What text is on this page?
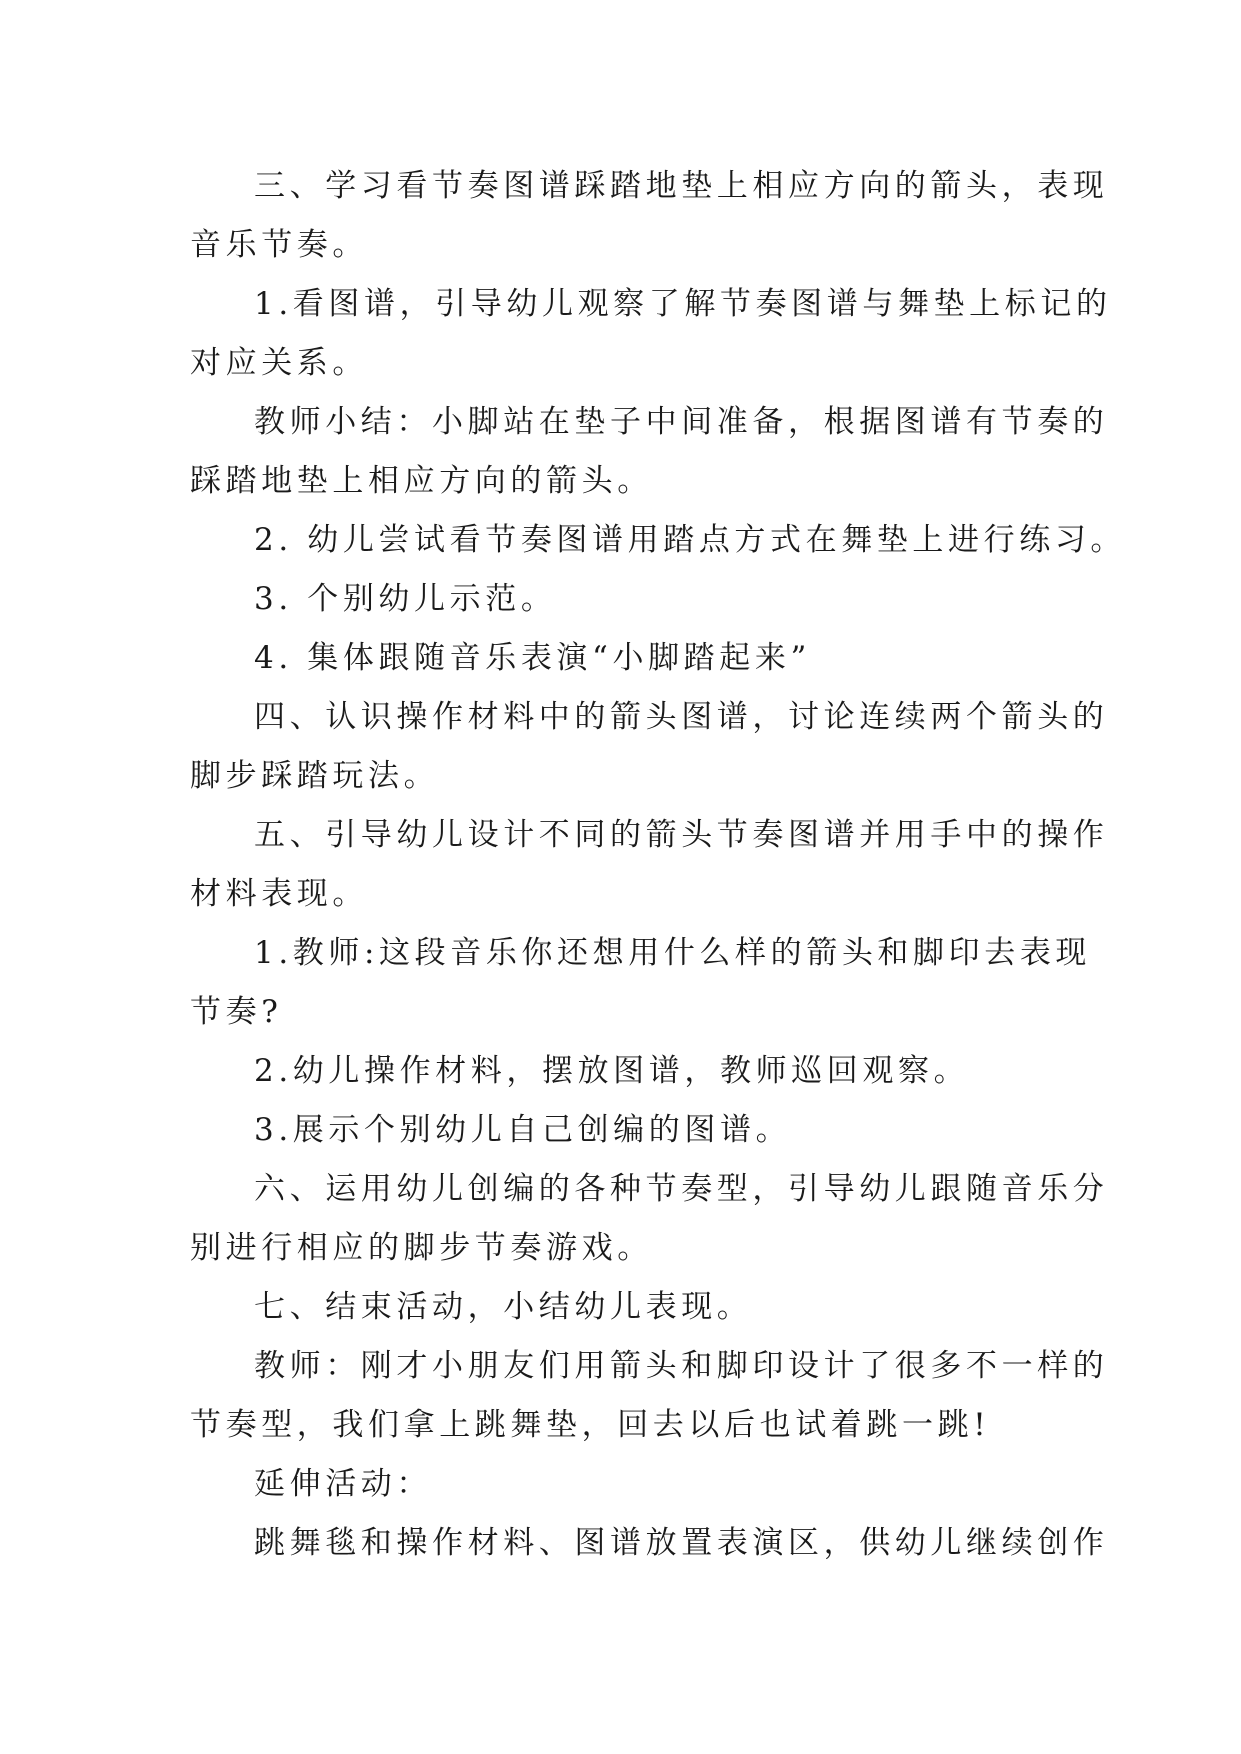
三、学习看节奏图谱踩踏地垫上相应方向的箭头，表现
音乐节奏。
1.看图谱，引导幼儿观察了解节奏图谱与舞垫上标记的
对应关系。
教师小结：小脚站在垫子中间准备，根据图谱有节奏的
踩踏地垫上相应方向的箭头。
2. 幼儿尝试看节奏图谱用踏点方式在舞垫上进行练习。
3. 个别幼儿示范。
4. 集体跟随音乐表演“小脚踏起来”
四、认识操作材料中的箭头图谱，讨论连续两个箭头的
脚步踩踏玩法。
五、引导幼儿设计不同的箭头节奏图谱并用手中的操作
材料表现。
1.教师:这段音乐你还想用什么样的箭头和脚印去表现
节奏?
2.幼儿操作材料，摆放图谱，教师巡回观察。
3.展示个别幼儿自己创编的图谱。
六、运用幼儿创编的各种节奏型，引导幼儿跟随音乐分
别进行相应的脚步节奏游戏。
七、结束活动，小结幼儿表现。
教师：刚才小朋友们用箭头和脚印设计了很多不一样的
节奏型，我们拿上跳舞垫，回去以后也试着跳一跳!
延伸活动：
跳舞毯和操作材料、图谱放置表演区，供幼儿继续创作
